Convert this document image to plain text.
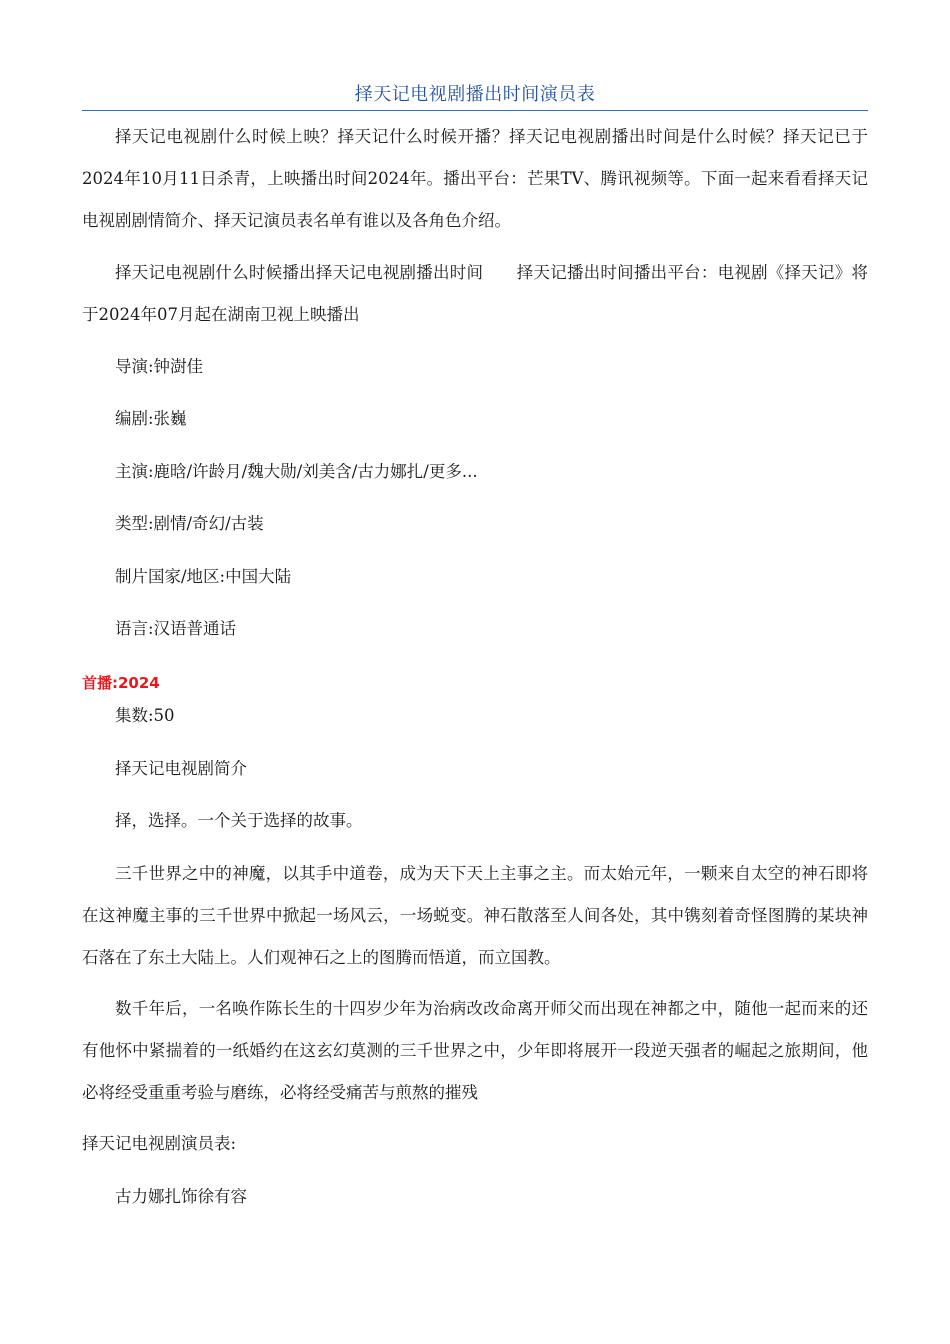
择天记电视剧播出时间演员表

择天记电视剧什么时候上映？择天记什么时候开播？择天记电视剧播出时间是什么时候？择天记已于2024年10月11日杀青，上映播出时间2024年。播出平台：芒果TV、腾讯视频等。下面一起来看看择天记电视剧剧情简介、择天记演员表名单有谁以及各角色介绍。

择天记电视剧什么时候播出择天记电视剧播出时间　　择天记播出时间播出平台：电视剧《择天记》将于2024年07月起在湖南卫视上映播出

导演:钟澍佳

编剧:张巍

主演:鹿晗/许龄月/魏大勋/刘美含/古力娜扎/更多...

类型:剧情/奇幻/古装

制片国家/地区:中国大陆

语言:汉语普通话

首播:2024

集数:50

择天记电视剧简介

择，选择。一个关于选择的故事。

三千世界之中的神魔，以其手中道卷，成为天下天上主事之主。而太始元年，一颗来自太空的神石即将在这神魔主事的三千世界中掀起一场风云，一场蜕变。神石散落至人间各处，其中镌刻着奇怪图腾的某块神石落在了东土大陆上。人们观神石之上的图腾而悟道，而立国教。

数千年后，一名唤作陈长生的十四岁少年为治病改改命离开师父而出现在神都之中，随他一起而来的还有他怀中紧揣着的一纸婚约在这玄幻莫测的三千世界之中，少年即将展开一段逆天强者的崛起之旅期间，他必将经受重重考验与磨练，必将经受痛苦与煎熬的摧残

择天记电视剧演员表:

古力娜扎饰徐有容
